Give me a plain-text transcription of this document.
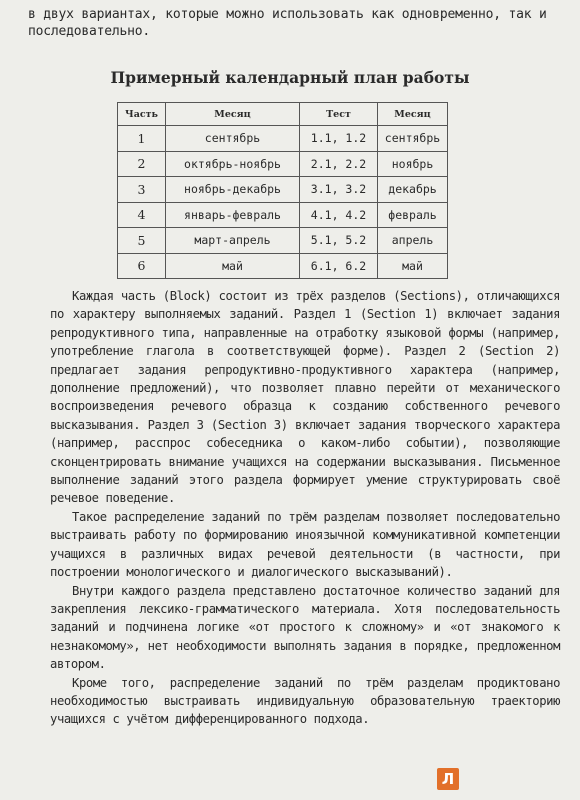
в двух вариантах, которые можно использовать как одновременно, так и последовательно.
Примерный календарный план работы
Часть	Месяц	Тест	Месяц
1	сентябрь	1.1, 1.2	сентябрь
2	октябрь-ноябрь	2.1, 2.2	ноябрь
3	ноябрь-декабрь	3.1, 3.2	декабрь
4	январь-февраль	4.1, 4.2	февраль
5	март-апрель	5.1, 5.2	апрель
6	май	6.1, 6.2	май

Каждая часть (Block) состоит из трёх разделов (Sections), отличающихся по характеру выполняемых заданий. Раздел 1 (Section 1) включает задания репродуктивного типа, направленные на отработку языковой формы (например, употребление глагола в соответствующей форме). Раздел 2 (Section 2) предлагает задания репродуктивно-продуктивного характера (например, дополнение предложений), что позволяет плавно перейти от механического воспроизведения речевого образца к созданию собственного речевого высказывания. Раздел 3 (Section 3) включает задания творческого характера (например, расспрос собеседника о каком-либо событии), позволяющие сконцентрировать внимание учащихся на содержании высказывания. Письменное выполнение заданий этого раздела формирует умение структурировать своё речевое поведение.

Такое распределение заданий по трём разделам позволяет последовательно выстраивать работу по формированию иноязычной коммуникативной компетенции учащихся в различных видах речевой деятельности (в частности, при построении монологического и диалогического высказываний).

Внутри каждого раздела представлено достаточное количество заданий для закрепления лексико-грамматического материала. Хотя последовательность заданий и подчинена логике «от простого к сложному» и «от знакомого к незнакомому», нет необходимости выполнять задания в порядке, предложенном автором.

Кроме того, распределение заданий по трём разделам продиктовано необходимостью выстраивать индивидуальную образовательную траекторию учащихся с учётом дифференцированного подхода.

Л
